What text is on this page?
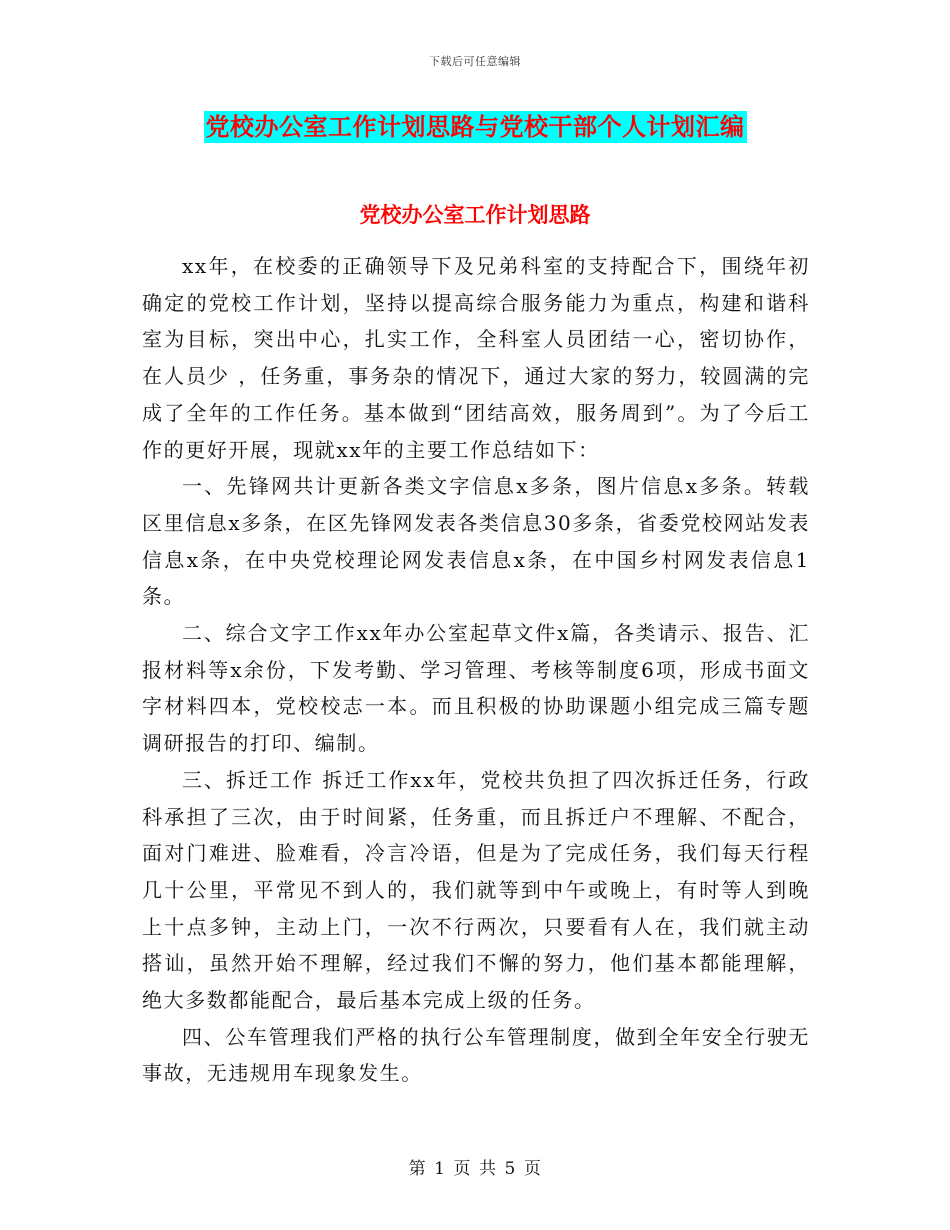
下载后可任意编辑
党校办公室工作计划思路与党校干部个人计划汇编
党校办公室工作计划思路

xx年，在校委的正确领导下及兄弟科室的支持配合下，围绕年初确定的党校工作计划，坚持以提高综合服务能力为重点，构建和谐科室为目标，突出中心，扎实工作，全科室人员团结一心，密切协作，在人员少 ，任务重，事务杂的情况下，通过大家的努力，较圆满的完成了全年的工作任务。基本做到“团结高效，服务周到”。为了今后工作的更好开展，现就xx年的主要工作总结如下：

一、先锋网共计更新各类文字信息x多条，图片信息x多条。转载区里信息x多条，在区先锋网发表各类信息30多条，省委党校网站发表信息x条，在中央党校理论网发表信息x条，在中国乡村网发表信息1条。

二、综合文字工作xx年办公室起草文件x篇，各类请示、报告、汇报材料等x余份，下发考勤、学习管理、考核等制度6项，形成书面文字材料四本，党校校志一本。而且积极的协助课题小组完成三篇专题调研报告的打印、编制。

三、拆迁工作 拆迁工作xx年，党校共负担了四次拆迁任务，行政科承担了三次，由于时间紧，任务重，而且拆迁户不理解、不配合，面对门难进、脸难看，冷言冷语，但是为了完成任务，我们每天行程几十公里，平常见不到人的，我们就等到中午或晚上，有时等人到晚上十点多钟，主动上门，一次不行两次，只要看有人在，我们就主动搭讪，虽然开始不理解，经过我们不懈的努力，他们基本都能理解，绝大多数都能配合，最后基本完成上级的任务。

四、公车管理我们严格的执行公车管理制度，做到全年安全行驶无事故，无违规用车现象发生。

第 1 页 共 5 页
